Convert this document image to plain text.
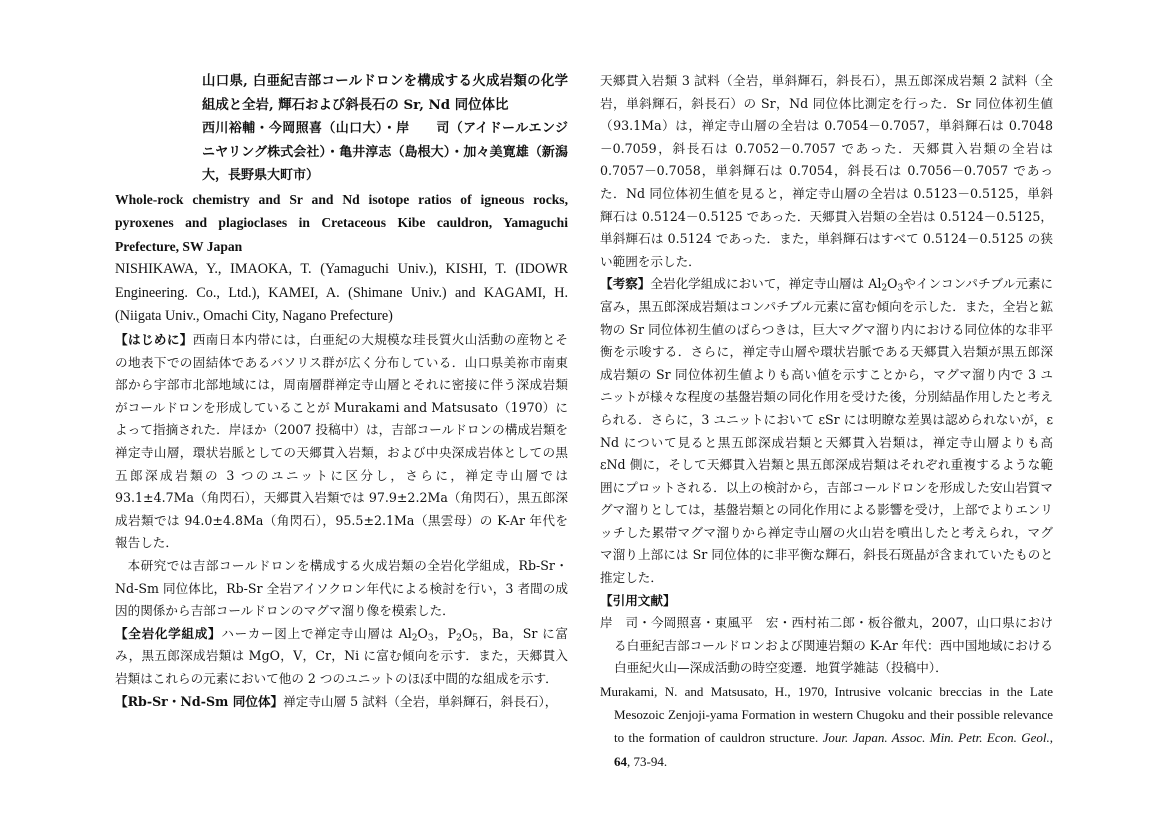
山口県, 白亜紀吉部コールドロンを構成する火成岩類の化学組成と全岩, 輝石および斜長石の Sr, Nd 同位体比

西川裕輔・今岡照喜（山口大）・岸　　司（アイドールエンジニヤリング株式会社）・亀井淳志（島根大）・加々美寛雄（新潟大，長野県大町市）

Whole-rock chemistry and Sr and Nd isotope ratios of igneous rocks, pyroxenes and plagioclases in Cretaceous Kibe cauldron, Yamaguchi Prefecture, SW Japan

NISHIKAWA, Y., IMAOKA, T. (Yamaguchi Univ.), KISHI, T. (IDOWR Engineering. Co., Ltd.), KAMEI, A. (Shimane Univ.) and KAGAMI, H. (Niigata Univ., Omachi City, Nagano Prefecture)

【はじめに】西南日本内帯には，白亜紀の大規模な珪長質火山活動の産物とその地表下での固結体であるバソリス群が広く分布している．山口県美祢市南東部から宇部市北部地域には，周南層群禅定寺山層とそれに密接に伴う深成岩類がコールドロンを形成していることが Murakami and Matsusato（1970）によって指摘された．岸ほか（2007 投稿中）は，吉部コールドロンの構成岩類を禅定寺山層，環状岩脈としての天郷貫入岩類，および中央深成岩体としての黒五郎深成岩類の 3 つのユニットに区分し，さらに，禅定寺山層では 93.1±4.7Ma（角閃石），天郷貫入岩類では 97.9±2.2Ma（角閃石），黒五郎深成岩類では 94.0±4.8Ma（角閃石），95.5±2.1Ma（黒雲母）の K-Ar 年代を報告した．

本研究では吉部コールドロンを構成する火成岩類の全岩化学組成，Rb-Sr・Nd-Sm 同位体比，Rb-Sr 全岩アイソクロン年代による検討を行い，3 者間の成因的関係から吉部コールドロンのマグマ溜り像を模索した．

【全岩化学組成】ハーカー図上で禅定寺山層は $Al_2O_3$，$P_2O_5$，Ba，Sr に富み，黒五郎深成岩類は MgO，V，Cr，Ni に富む傾向を示す．また，天郷貫入岩類はこれらの元素において他の 2 つのユニットのほぼ中間的な組成を示す．

【Rb-Sr・Nd-Sm 同位体】禅定寺山層 5 試料（全岩，単斜輝石，斜長石），

天郷貫入岩類 3 試料（全岩，単斜輝石，斜長石），黒五郎深成岩類 2 試料（全岩，単斜輝石，斜長石）の Sr，Nd 同位体比測定を行った．Sr 同位体初生値（93.1Ma）は，禅定寺山層の全岩は 0.7054－0.7057，単斜輝石は 0.7048－0.7059，斜長石は 0.7052－0.7057 であった．天郷貫入岩類の全岩は 0.7057－0.7058，単斜輝石は 0.7054，斜長石は 0.7056－0.7057 であった．Nd 同位体初生値を見ると，禅定寺山層の全岩は 0.5123－0.5125，単斜輝石は 0.5124－0.5125 であった．天郷貫入岩類の全岩は 0.5124－0.5125，単斜輝石は 0.5124 であった．また，単斜輝石はすべて 0.5124－0.5125 の狭い範囲を示した．

【考察】全岩化学組成において，禅定寺山層は $Al_2O_3$やインコンパチブル元素に富み，黒五郎深成岩類はコンパチブル元素に富む傾向を示した．また，全岩と鉱物の Sr 同位体初生値のばらつきは，巨大マグマ溜り内における同位体的な非平衡を示唆する．さらに，禅定寺山層や環状岩脈である天郷貫入岩類が黒五郎深成岩類の Sr 同位体初生値よりも高い値を示すことから，マグマ溜り内で 3 ユニットが様々な程度の基盤岩類の同化作用を受けた後，分別結晶作用したと考えられる．さらに，3 ユニットにおいて εSr には明瞭な差異は認められないが，ε Nd について見ると黒五郎深成岩類と天郷貫入岩類は，禅定寺山層よりも高 εNd 側に，そして天郷貫入岩類と黒五郎深成岩類はそれぞれ重複するような範囲にプロットされる．以上の検討から，吉部コールドロンを形成した安山岩質マグマ溜りとしては，基盤岩類との同化作用による影響を受け，上部でよりエンリッチした累帯マグマ溜りから禅定寺山層の火山岩を噴出したと考えられ，マグマ溜り上部には Sr 同位体的に非平衡な輝石，斜長石斑晶が含まれていたものと推定した．

【引用文献】

岸　司・今岡照喜・東風平　宏・西村祐二郎・板谷徹丸，2007，山口県における白亜紀吉部コールドロンおよび関連岩類の K-Ar 年代：西中国地域における白亜紀火山—深成活動の時空変遷．地質学雑誌（投稿中）．

Murakami, N. and Matsusato, H., 1970, Intrusive volcanic breccias in the Late Mesozoic Zenjoji-yama Formation in western Chugoku and their possible relevance to the formation of cauldron structure. Jour. Japan. Assoc. Min. Petr. Econ. Geol., 64, 73-94.
